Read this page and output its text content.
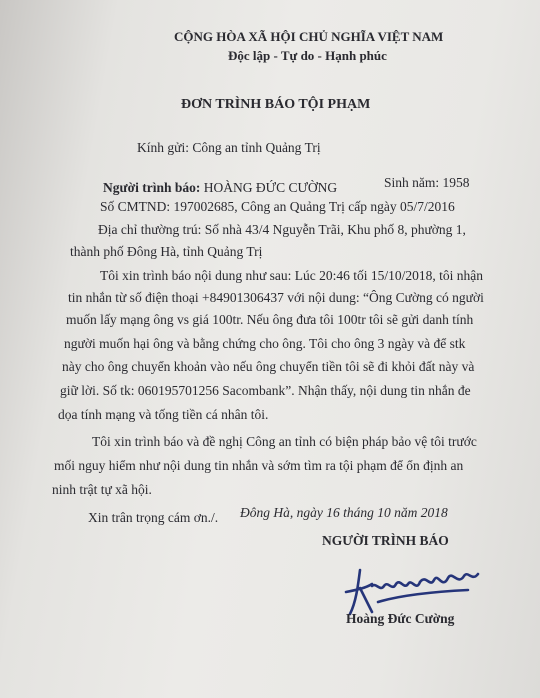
CỘNG HÒA XÃ HỘI CHỦ NGHĨA VIỆT NAM
Độc lập - Tự do - Hạnh phúc
ĐƠN TRÌNH BÁO TỘI PHẠM
Kính gửi: Công an tỉnh Quảng Trị
Người trình báo: HOÀNG ĐỨC CƯỜNG	Sinh năm: 1958
Số CMTND: 197002685, Công an Quảng Trị cấp ngày 05/7/2016
Địa chỉ thường trú: Số nhà 43/4 Nguyễn Trãi, Khu phố 8, phường 1,
thành phố Đông Hà, tỉnh Quảng Trị
Tôi xin trình báo nội dung như sau: Lúc 20:46 tối 15/10/2018, tôi nhận
tin nhắn từ số điện thoại +84901306437 với nội dung: “Ông Cường có người
muốn lấy mạng ông vs giá 100tr. Nếu ông đưa tôi 100tr tôi sẽ gửi danh tính
người muốn hại ông và bằng chứng cho ông. Tôi cho ông 3 ngày và để stk
này cho ông chuyển khoản vào nếu ông chuyển tiền tôi sẽ đi khỏi đất này và
giữ lời. Số tk: 060195701256 Sacombank”. Nhận thấy, nội dung tin nhắn đe
dọa tính mạng và tống tiền cá nhân tôi.
Tôi xin trình báo và đề nghị Công an tỉnh có biện pháp bảo vệ tôi trước
mối nguy hiểm như nội dung tin nhắn và sớm tìm ra tội phạm để ổn định an
ninh trật tự xã hội.
Xin trân trọng cám ơn./. Đông Hà, ngày 16 tháng 10 năm 2018
NGƯỜI TRÌNH BÁO
Hoàng Đức Cường
